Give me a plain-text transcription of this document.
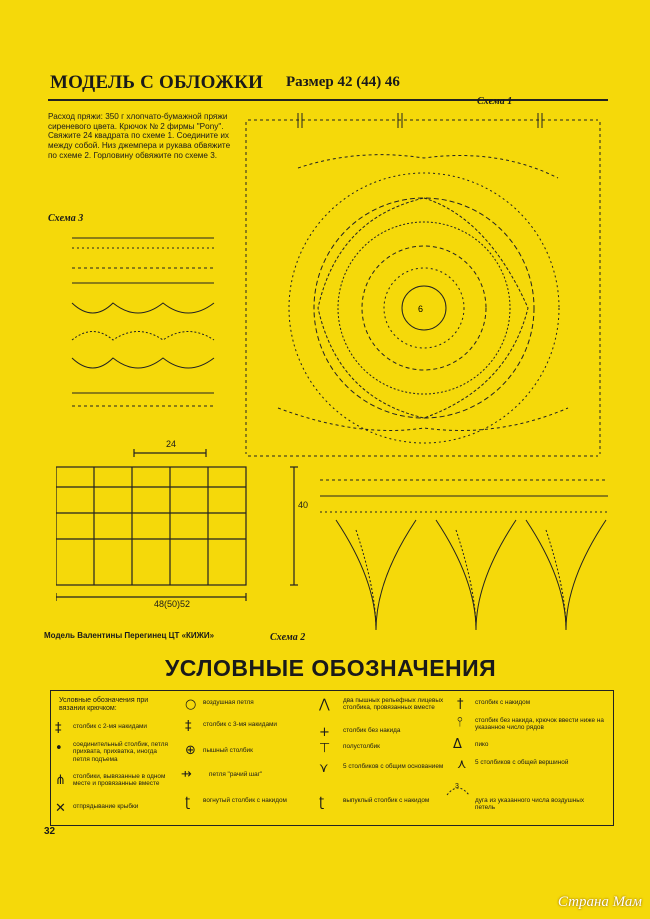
МОДЕЛЬ С ОБЛОЖКИ Размер 42 (44) 46
Расход пряжи: 350 г хлопчато-бумажной пряжи сиреневого цвета. Крючок № 2 фирмы "Pony". Свяжите 24 квадрата по схеме 1. Соедините их между собой. Низ джемпера и рукава обвяжите по схеме 2. Горловину обвяжите по схеме 3.
Схема 1
Схема 3
Схема 2
6
24
40
48(50)52
Модель Валентины Перегинец ЦТ «КИЖИ»
УСЛОВНЫЕ ОБОЗНАЧЕНИЯ
Условные обозначения при вязании крючком:
‡ столбик с 2-мя накидами
• соединительный столбик, петля прихвата, прихватка, иногда петля подъема
⋔ столбики, вывязанные в одном месте и провязанные вместе
✕ отпрядывание крыбки
○ воздушная петля
‡ столбик с 3-мя накидами
⊕ пышный столбик
⇸	петля "рачий шаг"
ʈ вогнутый столбик с накидом
⋀ два пышных рельефных лицевых столбика, провязанных вместе
+ столбик без накида
⊤ полустолбик
⋎ 5 столбиков с общим основанием
ʈ	выпуклый столбик с накидом
† столбик с накидом
⫯ столбик без накида, крючок ввести ниже на указанное число рядов
Δ пико
⋏ 5 столбиков с общей вершиной
3
дуга из указанного числа воздушных петель
32
Страна Мам
